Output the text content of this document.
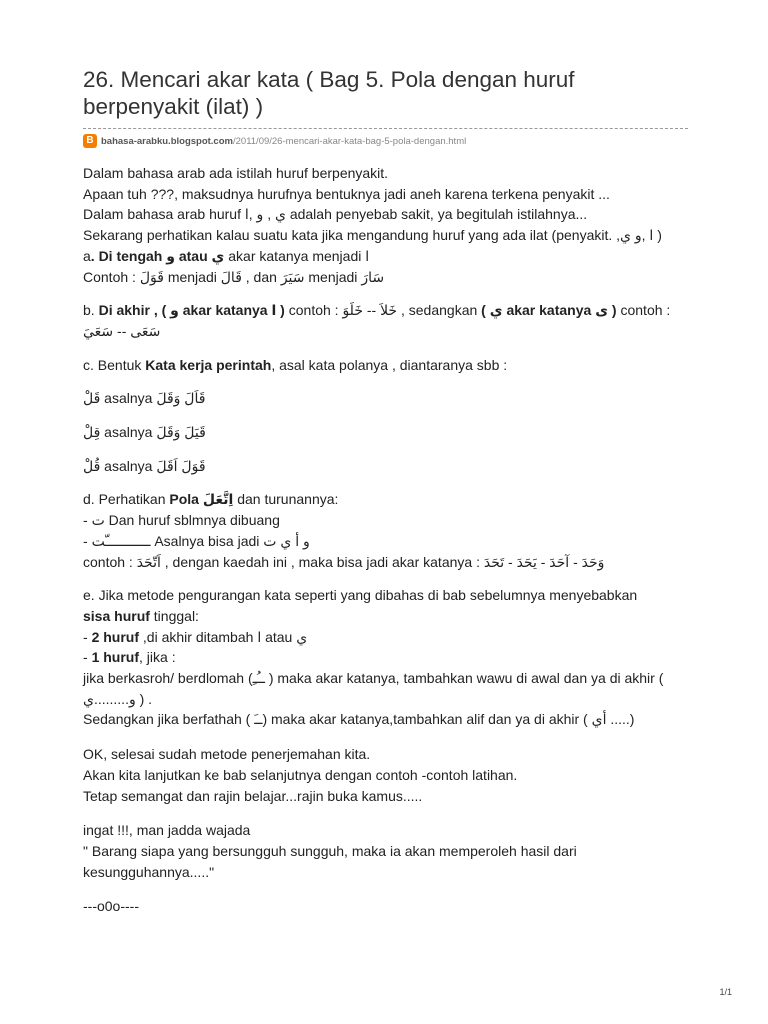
26. Mencari akar kata ( Bag 5. Pola dengan huruf berpenyakit (ilat) )
B bahasa-arabku.blogspot.com/2011/09/26-mencari-akar-kata-bag-5-pola-dengan.html

Dalam bahasa arab ada istilah huruf berpenyakit.

Apaan tuh ???, maksudnya hurufnya bentuknya jadi aneh karena terkena penyakit ...

Dalam bahasa arab huruf ي , و ,ا adalah penyebab sakit, ya begitulah istilahnya...

Sekarang perhatikan kalau suatu kata jika mengandung huruf yang ada ilat (penyakit. ,ا ,و ي )

a. Di tengah و atau ي akar katanya menjadi ا

Contoh : قَوَلَ menjadi قَالَ , dan سَيَرَ menjadi سَارَ

b. Di akhir , ( و akar katanya ا ) contoh : خَلاَ -- خَلَوَ , sedangkan ( ي akar katanya ى ) contoh : سَعَى -- سَعَيَ

c. Bentuk Kata kerja perintah, asal kata polanya , diantaranya sbb :

قَلْ asalnya قَاَلَ وَقَلَ

قِلْ asalnya قَيَلَ وَقَلَ

قُلْ asalnya قَوَلَ اَقَلَ

d. Perhatikan Pola اِتَّعَلَ dan turunannya:

- ت Dan huruf sblmnya dibuang

- ـــــــــــّت Asalnya bisa jadi و أ ي ت

contoh : اَتّحَدَ , dengan kaedah ini , maka bisa jadi akar katanya : وَحَدَ - آحَدَ - يَحَدَ - تَحَدَ

e. Jika metode pengurangan kata seperti yang dibahas di bab sebelumnya menyebabkan

sisa huruf tinggal:

- 2 huruf ,di akhir ditambah ا atau ي

- 1 huruf, jika :

jika berkasroh/ berdlomah (ــُـِ ) maka akar katanya, tambahkan wawu di awal dan ya di akhir ( و.........ي ) .

Sedangkan jika berfathah ( ــَ) maka akar katanya,tambahkan alif dan ya di akhir ( أي .....)

OK, selesai sudah metode penerjemahan kita.

Akan kita lanjutkan ke bab selanjutnya dengan contoh -contoh latihan.

Tetap semangat dan rajin belajar...rajin buka kamus.....

ingat !!!, man jadda wajada

" Barang siapa yang bersungguh sungguh, maka ia akan memperoleh hasil dari kesungguhannya....."

---o0o----

1/1
